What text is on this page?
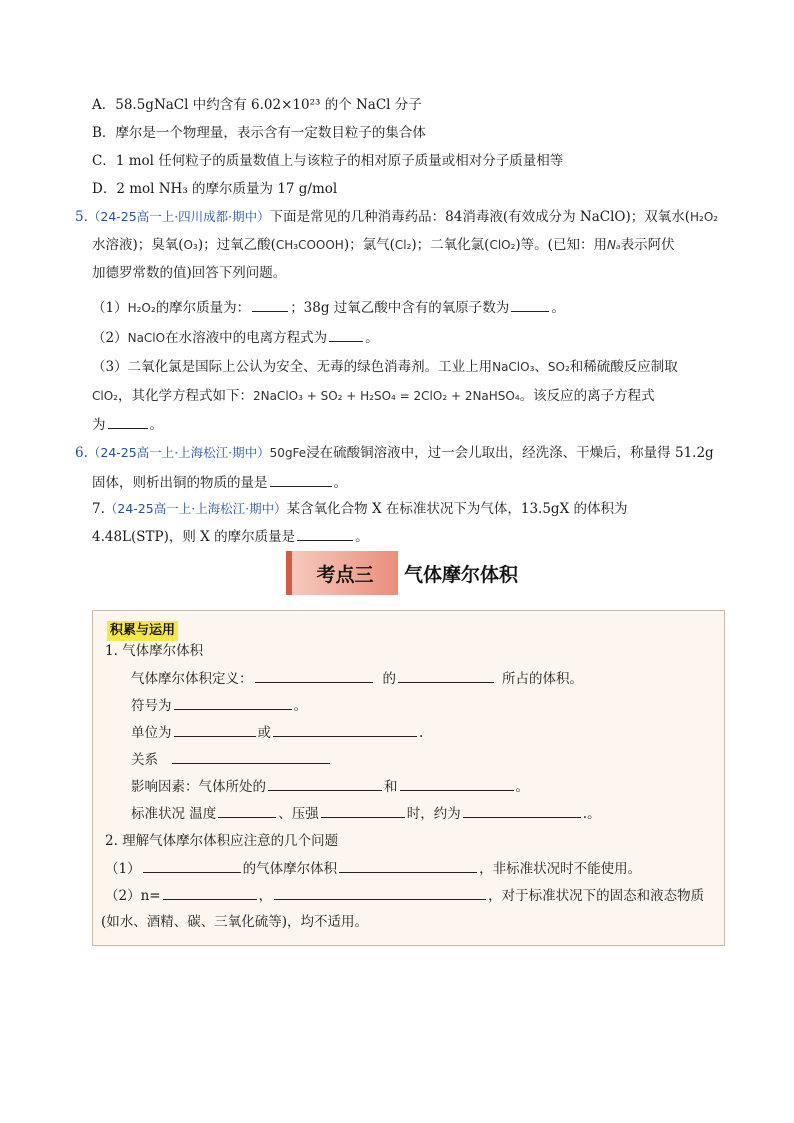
A．58.5gNaCl 中约含有 6.02×10²³ 的个 NaCl 分子
B．摩尔是一个物理量，表示含有一定数目粒子的集合体
C．1 mol 任何粒子的质量数值上与该粒子的相对原子质量或相对分子质量相等
D．2 mol NH₃ 的摩尔质量为 17 g/mol
5.（24-25高一上·四川成都·期中）下面是常见的几种消毒药品：84消毒液(有效成分为 NaClO)；双氧水(H₂O₂
水溶液)；臭氧(O₃)；过氧乙酸(CH₃COOOH)；氯气(Cl₂)；二氧化氯(ClO₂)等。(已知：用Nₐ表示阿伏
加德罗常数的值)回答下列问题。
（1）H₂O₂的摩尔质量为：	；38g 过氧乙酸中含有的氧原子数为	。
（2）NaClO在水溶液中的电离方程式为	。
（3）二氧化氯是国际上公认为安全、无毒的绿色消毒剂。工业上用NaClO₃、SO₂和稀硫酸反应制取
ClO₂，其化学方程式如下：2NaClO₃ + SO₂ + H₂SO₄ = 2ClO₂ + 2NaHSO₄。该反应的离子方程式
为	。
6.（24-25高一上·上海松江·期中）50gFe浸在硫酸铜溶液中，过一会儿取出，经洗涤、干燥后，称量得 51.2g
固体，则析出铜的物质的量是	。
7.（24-25高一上·上海松江·期中）某含氧化合物 X 在标准状况下为气体，13.5gX 的体积为
4.48L(STP)，则 X 的摩尔质量是	。
考点三	气体摩尔体积
积累与运用
1. 气体摩尔体积
气体摩尔体积定义：	的	所占的体积。
符号为	。
单位为	或	.
关系
影响因素：气体所处的	和	。
标准状况 温度	、压强	时，约为	.。
2. 理解气体摩尔体积应注意的几个问题
（1）	的气体摩尔体积	，非标准状况时不能使用。
（2）n=	，	，对于标准状况下的固态和液态物质
(如水、酒精、碳、三氧化硫等)，均不适用。
